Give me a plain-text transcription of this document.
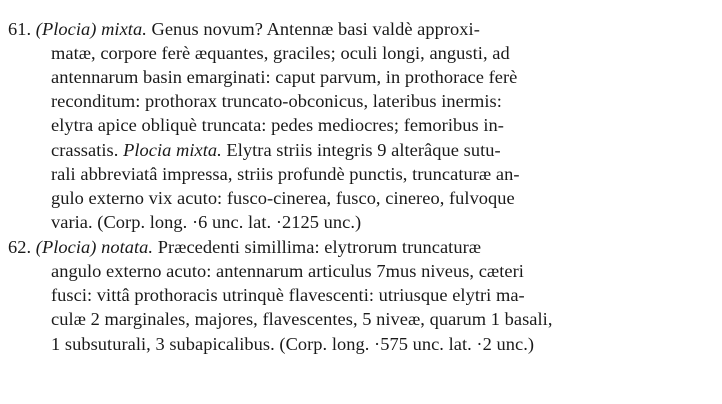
61. (Plocia) mixta. Genus novum? Antennæ basi valdè approxi-
matæ, corpore ferè æquantes, graciles; oculi longi, angusti, ad
antennarum basin emarginati: caput parvum, in prothorace ferè
reconditum: prothorax truncato-obconicus, lateribus inermis:
elytra apice obliquè truncata: pedes mediocres; femoribus in-
crassatis. Plocia mixta. Elytra striis integris 9 alterâque sutu-
rali abbreviatâ impressa, striis profundè punctis, truncaturæ an-
gulo externo vix acuto: fusco-cinerea, fusco, cinereo, fulvoque
varia. (Corp. long. ·6 unc. lat. ·2125 unc.)
62. (Plocia) notata. Præcedenti simillima: elytrorum truncaturæ
angulo externo acuto: antennarum articulus 7mus niveus, cæteri
fusci: vittâ prothoracis utrinquè flavescenti: utriusque elytri ma-
culæ 2 marginales, majores, flavescentes, 5 niveæ, quarum 1 basali,
1 subsuturali, 3 subapicalibus. (Corp. long. ·575 unc. lat. ·2 unc.)
